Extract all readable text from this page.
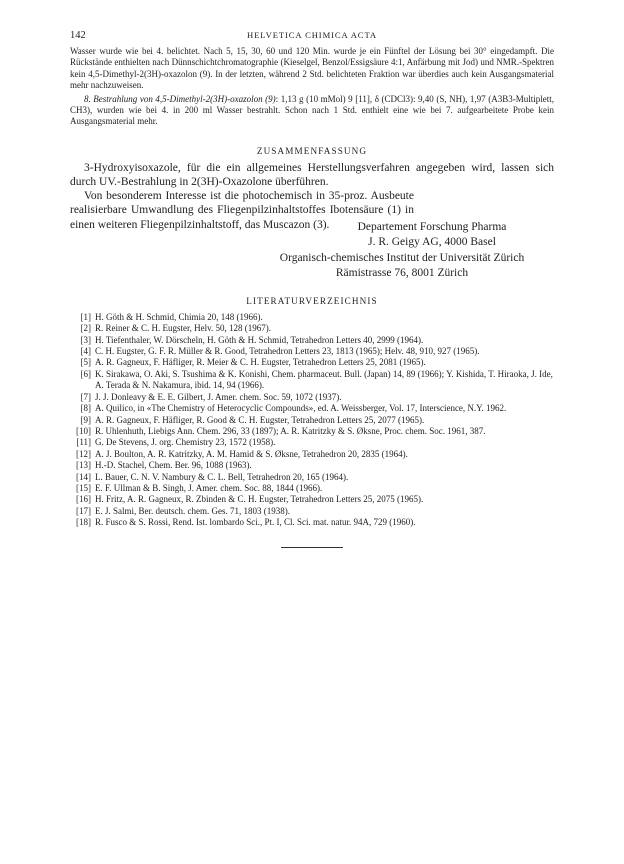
142	HELVETICA CHIMICA ACTA

Wasser wurde wie bei 4. belichtet. Nach 5, 15, 30, 60 und 120 Min. wurde je ein Fünftel der Lösung bei 30° eingedampft. Die Rückstände enthielten nach Dünnschichtchromatographie (Kieselgel, Benzol/Essigsäure 4:1, Anfärbung mit Jod) und NMR.-Spektren kein 4,5-Dimethyl-2(3H)-oxazolon (9). In der letzten, während 2 Std. belichteten Fraktion war überdies auch kein Ausgangsmaterial mehr nachzuweisen.

8. Bestrahlung von 4,5-Dimethyl-2(3H)-oxazolon (9): 1,13 g (10 mMol) 9 [11], δ (CDCl3): 9,40 (S, NH), 1,97 (A3B3-Multiplett, CH3), wurden wie bei 4. in 200 ml Wasser bestrahlt. Schon nach 1 Std. enthielt eine wie bei 7. aufgearbeitete Probe kein Ausgangsmaterial mehr.

ZUSAMMENFASSUNG

3-Hydroxyisoxazole, für die ein allgemeines Herstellungsverfahren angegeben wird, lassen sich durch UV.-Bestrahlung in 2(3H)-Oxazolone überführen.

Von besonderem Interesse ist die photochemisch in 35-proz. Ausbeute realisierbare Umwandlung des Fliegenpilzinhaltstoffes Ibotensäure (1) in einen weiteren Fliegenpilzinhaltstoff, das Muscazon (3).	Departement Forschung Pharma
J. R. Geigy AG, 4000 Basel
Organisch-chemisches Institut der Universität Zürich
Rämistrasse 76, 8001 Zürich
LITERATURVERZEICHNIS
[1] H. Göth & H. Schmid, Chimia 20, 148 (1966).
[2] R. Reiner & C. H. Eugster, Helv. 50, 128 (1967).
[3] H. Tiefenthaler, W. Dörscheln, H. Göth & H. Schmid, Tetrahedron Letters 40, 2999 (1964).
[4] C. H. Eugster, G. F. R. Müller & R. Good, Tetrahedron Letters 23, 1813 (1965); Helv. 48, 910, 927 (1965).
[5] A. R. Gagneux, F. Häfliger, R. Meier & C. H. Eugster, Tetrahedron Letters 25, 2081 (1965).
[6] K. Sirakawa, O. Aki, S. Tsushima & K. Konishi, Chem. pharmaceut. Bull. (Japan) 14, 89 (1966); Y. Kishida, T. Hiraoka, J. Ide, A. Terada & N. Nakamura, ibid. 14, 94 (1966).
[7] J. J. Donleavy & E. E. Gilbert, J. Amer. chem. Soc. 59, 1072 (1937).
[8] A. Quilico, in «The Chemistry of Heterocyclic Compounds», ed. A. Weissberger, Vol. 17, Interscience, N.Y. 1962.
[9] A. R. Gagneux, F. Häfliger, R. Good & C. H. Eugster, Tetrahedron Letters 25, 2077 (1965).
[10] R. Uhlenhuth, Liebigs Ann. Chem. 296, 33 (1897); A. R. Katritzky & S. Øksne, Proc. chem. Soc. 1961, 387.
[11] G. De Stevens, J. org. Chemistry 23, 1572 (1958).
[12] A. J. Boulton, A. R. Katritzky, A. M. Hamid & S. Øksne, Tetrahedron 20, 2835 (1964).
[13] H.-D. Stachel, Chem. Ber. 96, 1088 (1963).
[14] L. Bauer, C. N. V. Nambury & C. L. Bell, Tetrahedron 20, 165 (1964).
[15] E. F. Ullman & B. Singh, J. Amer. chem. Soc. 88, 1844 (1966).
[16] H. Fritz, A. R. Gagneux, R. Zbinden & C. H. Eugster, Tetrahedron Letters 25, 2075 (1965).
[17] E. J. Salmi, Ber. deutsch. chem. Ges. 71, 1803 (1938).
[18] R. Fusco & S. Rossi, Rend. Ist. lombardo Sci., Pt. I, Cl. Sci. mat. natur. 94A, 729 (1960).
